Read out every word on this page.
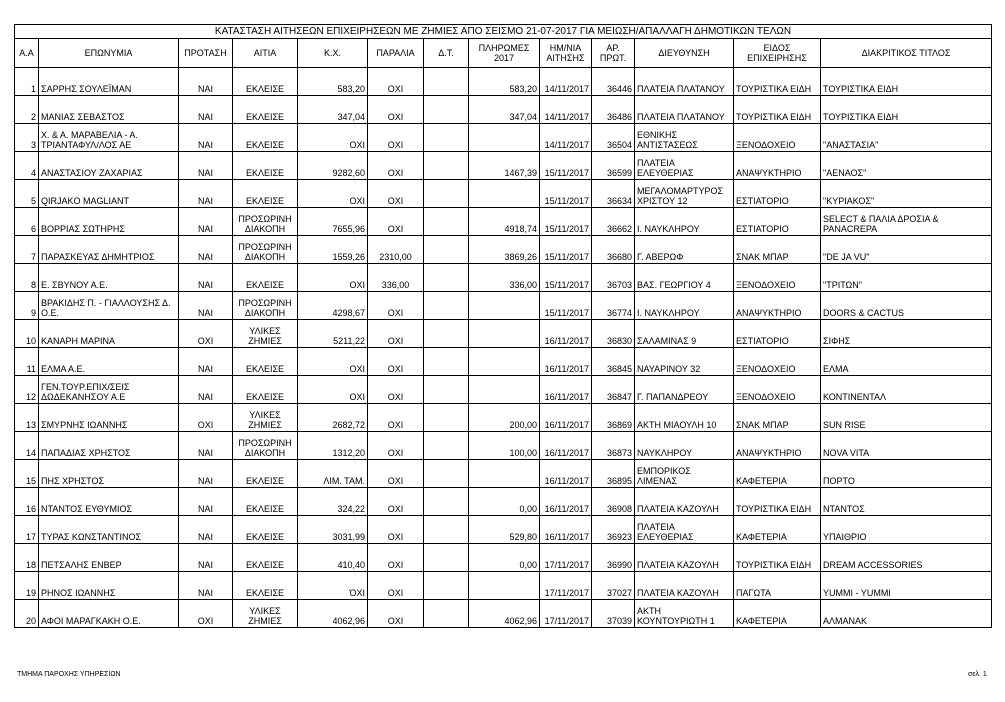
ΚΑΤΑΣΤΑΣΗ ΑΙΤΗΣΕΩΝ ΕΠΙΧΕΙΡΗΣΕΩΝ ΜΕ ΖΗΜΙΕΣ ΑΠΟ ΣΕΙΣΜΟ 21-07-2017 ΓΙΑ ΜΕΙΩΣΗ/ΑΠΑΛΛΑΓΗ ΔΗΜΟΤΙΚΩΝ ΤΕΛΩΝ												
Α.Α	ΕΠΩΝΥΜΙΑ	ΠΡΟΤΑΣΗ	ΑΙΤΙΑ	Κ.Χ.	ΠΑΡΑΛΙΑ	Δ.Τ.	ΠΛΗΡΩΜΕΣ 2017	ΗΜ/ΝΙΑ ΑΙΤΗΣΗΣ	ΑΡ. ΠΡΩΤ.	ΔΙΕΥΘΥΝΣΗ	ΕΙΔΟΣ ΕΠΙΧΕΙΡΗΣΗΣ	ΔΙΑΚΡΙΤΙΚΟΣ ΤΙΤΛΟΣ
1	ΣΑΡΡΗΣ ΣΟΥΛΕΪΜΑΝ	ΝΑΙ	ΕΚΛΕΙΣΕ	583,20	ΟΧΙ		583,20	14/11/2017	36446	ΠΛΑΤΕΙΑ ΠΛΑΤΑΝΟΥ	ΤΟΥΡΙΣΤΙΚΑ ΕΙΔΗ	ΤΟΥΡΙΣΤΙΚΑ ΕΙΔΗ
2	ΜΑΝΙΑΣ ΣΕΒΑΣΤΟΣ	ΝΑΙ	ΕΚΛΕΙΣΕ	347,04	ΟΧΙ		347,04	14/11/2017	36486	ΠΛΑΤΕΙΑ ΠΛΑΤΑΝΟΥ	ΤΟΥΡΙΣΤΙΚΑ ΕΙΔΗ	ΤΟΥΡΙΣΤΙΚΑ ΕΙΔΗ
3	Χ. & Α. ΜΑΡΑΒΕΛΙΑ - Α. ΤΡΙΑΝΤΑΦΥΛ/ΛΟΣ ΑΕ	ΝΑΙ	ΕΚΛΕΙΣΕ	ΟΧΙ	ΟΧΙ			14/11/2017	36504	ΕΘΝΙΚΗΣ ΑΝΤΙΣΤΑΣΕΩΣ	ΞΕΝΟΔΟΧΕΙΟ	"ΑΝΑΣΤΑΣΙΑ"
4	ΑΝΑΣΤΑΣΙΟΥ ΖΑΧΑΡΙΑΣ	ΝΑΙ	ΕΚΛΕΙΣΕ	9282,60	ΟΧΙ		1467,39	15/11/2017	36599	ΠΛΑΤΕΙΑ ΕΛΕΥΘΕΡΙΑΣ	ΑΝΑΨΥΚΤΗΡΙΟ	"ΑΕΝΑΟΣ"
5	QIRJAKO MAGLIANT	ΝΑΙ	ΕΚΛΕΙΣΕ	ΟΧΙ	ΟΧΙ			15/11/2017	36634	ΜΕΓΑΛΟΜΑΡΤΥΡΟΣ ΧΡΙΣΤΟΥ 12	ΕΣΤΙΑΤΟΡΙΟ	"ΚΥΡΙΑΚΟΣ"
6	ΒΟΡΡΙΑΣ ΣΩΤΗΡΗΣ	ΝΑΙ	ΠΡΟΣΩΡΙΝΗ ΔΙΑΚΟΠΗ	7655,96	ΟΧΙ		4918,74	15/11/2017	36662	Ι. ΝΑΥΚΛΗΡΟΥ	ΕΣΤΙΑΤΟΡΙΟ	SELECT & ΠΑΛΙΑ ΔΡΟΣΙΑ & PANACREPA
7	ΠΑΡΑΣΚΕΥΑΣ ΔΗΜΗΤΡΙΟΣ	ΝΑΙ	ΠΡΟΣΩΡΙΝΗ ΔΙΑΚΟΠΗ	1559,26	2310,00		3869,26	15/11/2017	36680	Γ. ΑΒΕΡΩΦ	ΣΝΑΚ ΜΠΑΡ	"DE JA VU"
8	Ε. ΣΒΥΝΟΥ Α.Ε.	ΝΑΙ	ΕΚΛΕΙΣΕ	ΟΧΙ	336,00		336,00	15/11/2017	36703	ΒΑΣ. ΓΕΩΡΓΙΟΥ 4	ΞΕΝΟΔΟΧΕΙΟ	"ΤΡΙΤΩΝ"
9	ΒΡΑΚΙΔΗΣ Π. - ΓΙΑΛΛΟΥΣΗΣ Δ. Ο.Ε.	ΝΑΙ	ΠΡΟΣΩΡΙΝΗ ΔΙΑΚΟΠΗ	4298,67	ΟΧΙ			15/11/2017	36774	Ι. ΝΑΥΚΛΗΡΟΥ	ΑΝΑΨΥΚΤΗΡΙΟ	DOORS & CACTUS
10	ΚΑΝΑΡΗ ΜΑΡΙΝΑ	ΟΧΙ	ΥΛΙΚΕΣ ΖΗΜΙΕΣ	5211,22	ΟΧΙ			16/11/2017	36830	ΣΑΛΑΜΙΝΑΣ 9	ΕΣΤΙΑΤΟΡΙΟ	ΣΙΦΗΣ
11	ΕΛΜΑ Α.Ε.	ΝΑΙ	ΕΚΛΕΙΣΕ	ΟΧΙ	ΟΧΙ			16/11/2017	36845	ΝΑΥΑΡΙΝΟΥ 32	ΞΕΝΟΔΟΧΕΙΟ	ΕΛΜΑ
12	ΓΕΝ.ΤΟΥΡ.ΕΠΙΧ/ΣΕΙΣ ΔΩΔΕΚΑΝΗΣΟΥ Α.Ε	ΝΑΙ	ΕΚΛΕΙΣΕ	ΟΧΙ	ΟΧΙ			16/11/2017	36847	Γ. ΠΑΠΑΝΔΡΕΟΥ	ΞΕΝΟΔΟΧΕΙΟ	ΚΟΝΤΙΝΕΝΤΑΛ
13	ΣΜΥΡΝΗΣ ΙΩΑΝΝΗΣ	ΟΧΙ	ΥΛΙΚΕΣ ΖΗΜΙΕΣ	2682,72	ΟΧΙ		200,00	16/11/2017	36869	ΑΚΤΗ ΜΙΑΟΥΛΗ 10	ΣΝΑΚ ΜΠΑΡ	SUN RISE
14	ΠΑΠΑΔΙΑΣ ΧΡΗΣΤΟΣ	ΝΑΙ	ΠΡΟΣΩΡΙΝΗ ΔΙΑΚΟΠΗ	1312,20	ΟΧΙ		100,00	16/11/2017	36873	ΝΑΥΚΛΗΡΟΥ	ΑΝΑΨΥΚΤΗΡΙΟ	NOVA VITA
15	ΠΗΣ ΧΡΗΣΤΟΣ	ΝΑΙ	ΕΚΛΕΙΣΕ	ΛΙΜ. ΤΑΜ.	ΟΧΙ			16/11/2017	36895	ΕΜΠΟΡΙΚΟΣ ΛΙΜΕΝΑΣ	ΚΑΦΕΤΕΡΙΑ	ΠΟΡΤΟ
16	ΝΤΑΝΤΟΣ ΕΥΘΥΜΙΟΣ	ΝΑΙ	ΕΚΛΕΙΣΕ	324,22	ΟΧΙ		0,00	16/11/2017	36908	ΠΛΑΤΕΙΑ ΚΑΖΟΥΛΗ	ΤΟΥΡΙΣΤΙΚΑ ΕΙΔΗ	ΝΤΑΝΤΟΣ
17	ΤΥΡΑΣ ΚΩΝΣΤΑΝΤΙΝΟΣ	ΝΑΙ	ΕΚΛΕΙΣΕ	3031,99	ΟΧΙ		529,80	16/11/2017	36923	ΠΛΑΤΕΙΑ ΕΛΕΥΘΕΡΙΑΣ	ΚΑΦΕΤΕΡΙΑ	ΥΠΑΙΘΡΙΟ
18	ΠΕΤΣΑΛΗΣ ΕΝΒΕΡ	ΝΑΙ	ΕΚΛΕΙΣΕ	410,40	ΟΧΙ		0,00	17/11/2017	36990	ΠΛΑΤΕΙΑ ΚΑΖΟΥΛΗ	ΤΟΥΡΙΣΤΙΚΑ ΕΙΔΗ	DREAM ACCESSORIES
19	ΡΗΝΟΣ ΙΩΑΝΝΗΣ	ΝΑΙ	ΕΚΛΕΙΣΕ	ΌΧΙ	ΟΧΙ			17/11/2017	37027	ΠΛΑΤΕΙΑ ΚΑΖΟΥΛΗ	ΠΑΓΩΤΑ	YUMMI - YUMMI
20	ΑΦΟΙ ΜΑΡΑΓΚΑΚΗ Ο.Ε.	ΟΧΙ	ΥΛΙΚΕΣ ΖΗΜΙΕΣ	4062,96	ΟΧΙ		4062,96	17/11/2017	37039	ΑΚΤΗ ΚΟΥΝΤΟΥΡΙΩΤΗ 1	ΚΑΦΕΤΕΡΙΑ	ΑΛΜΑΝΑΚ
ΤΜΗΜΑ ΠΑΡΟΧΗΣ ΥΠΗΡΕΣΙΩΝ	σελ. 1
